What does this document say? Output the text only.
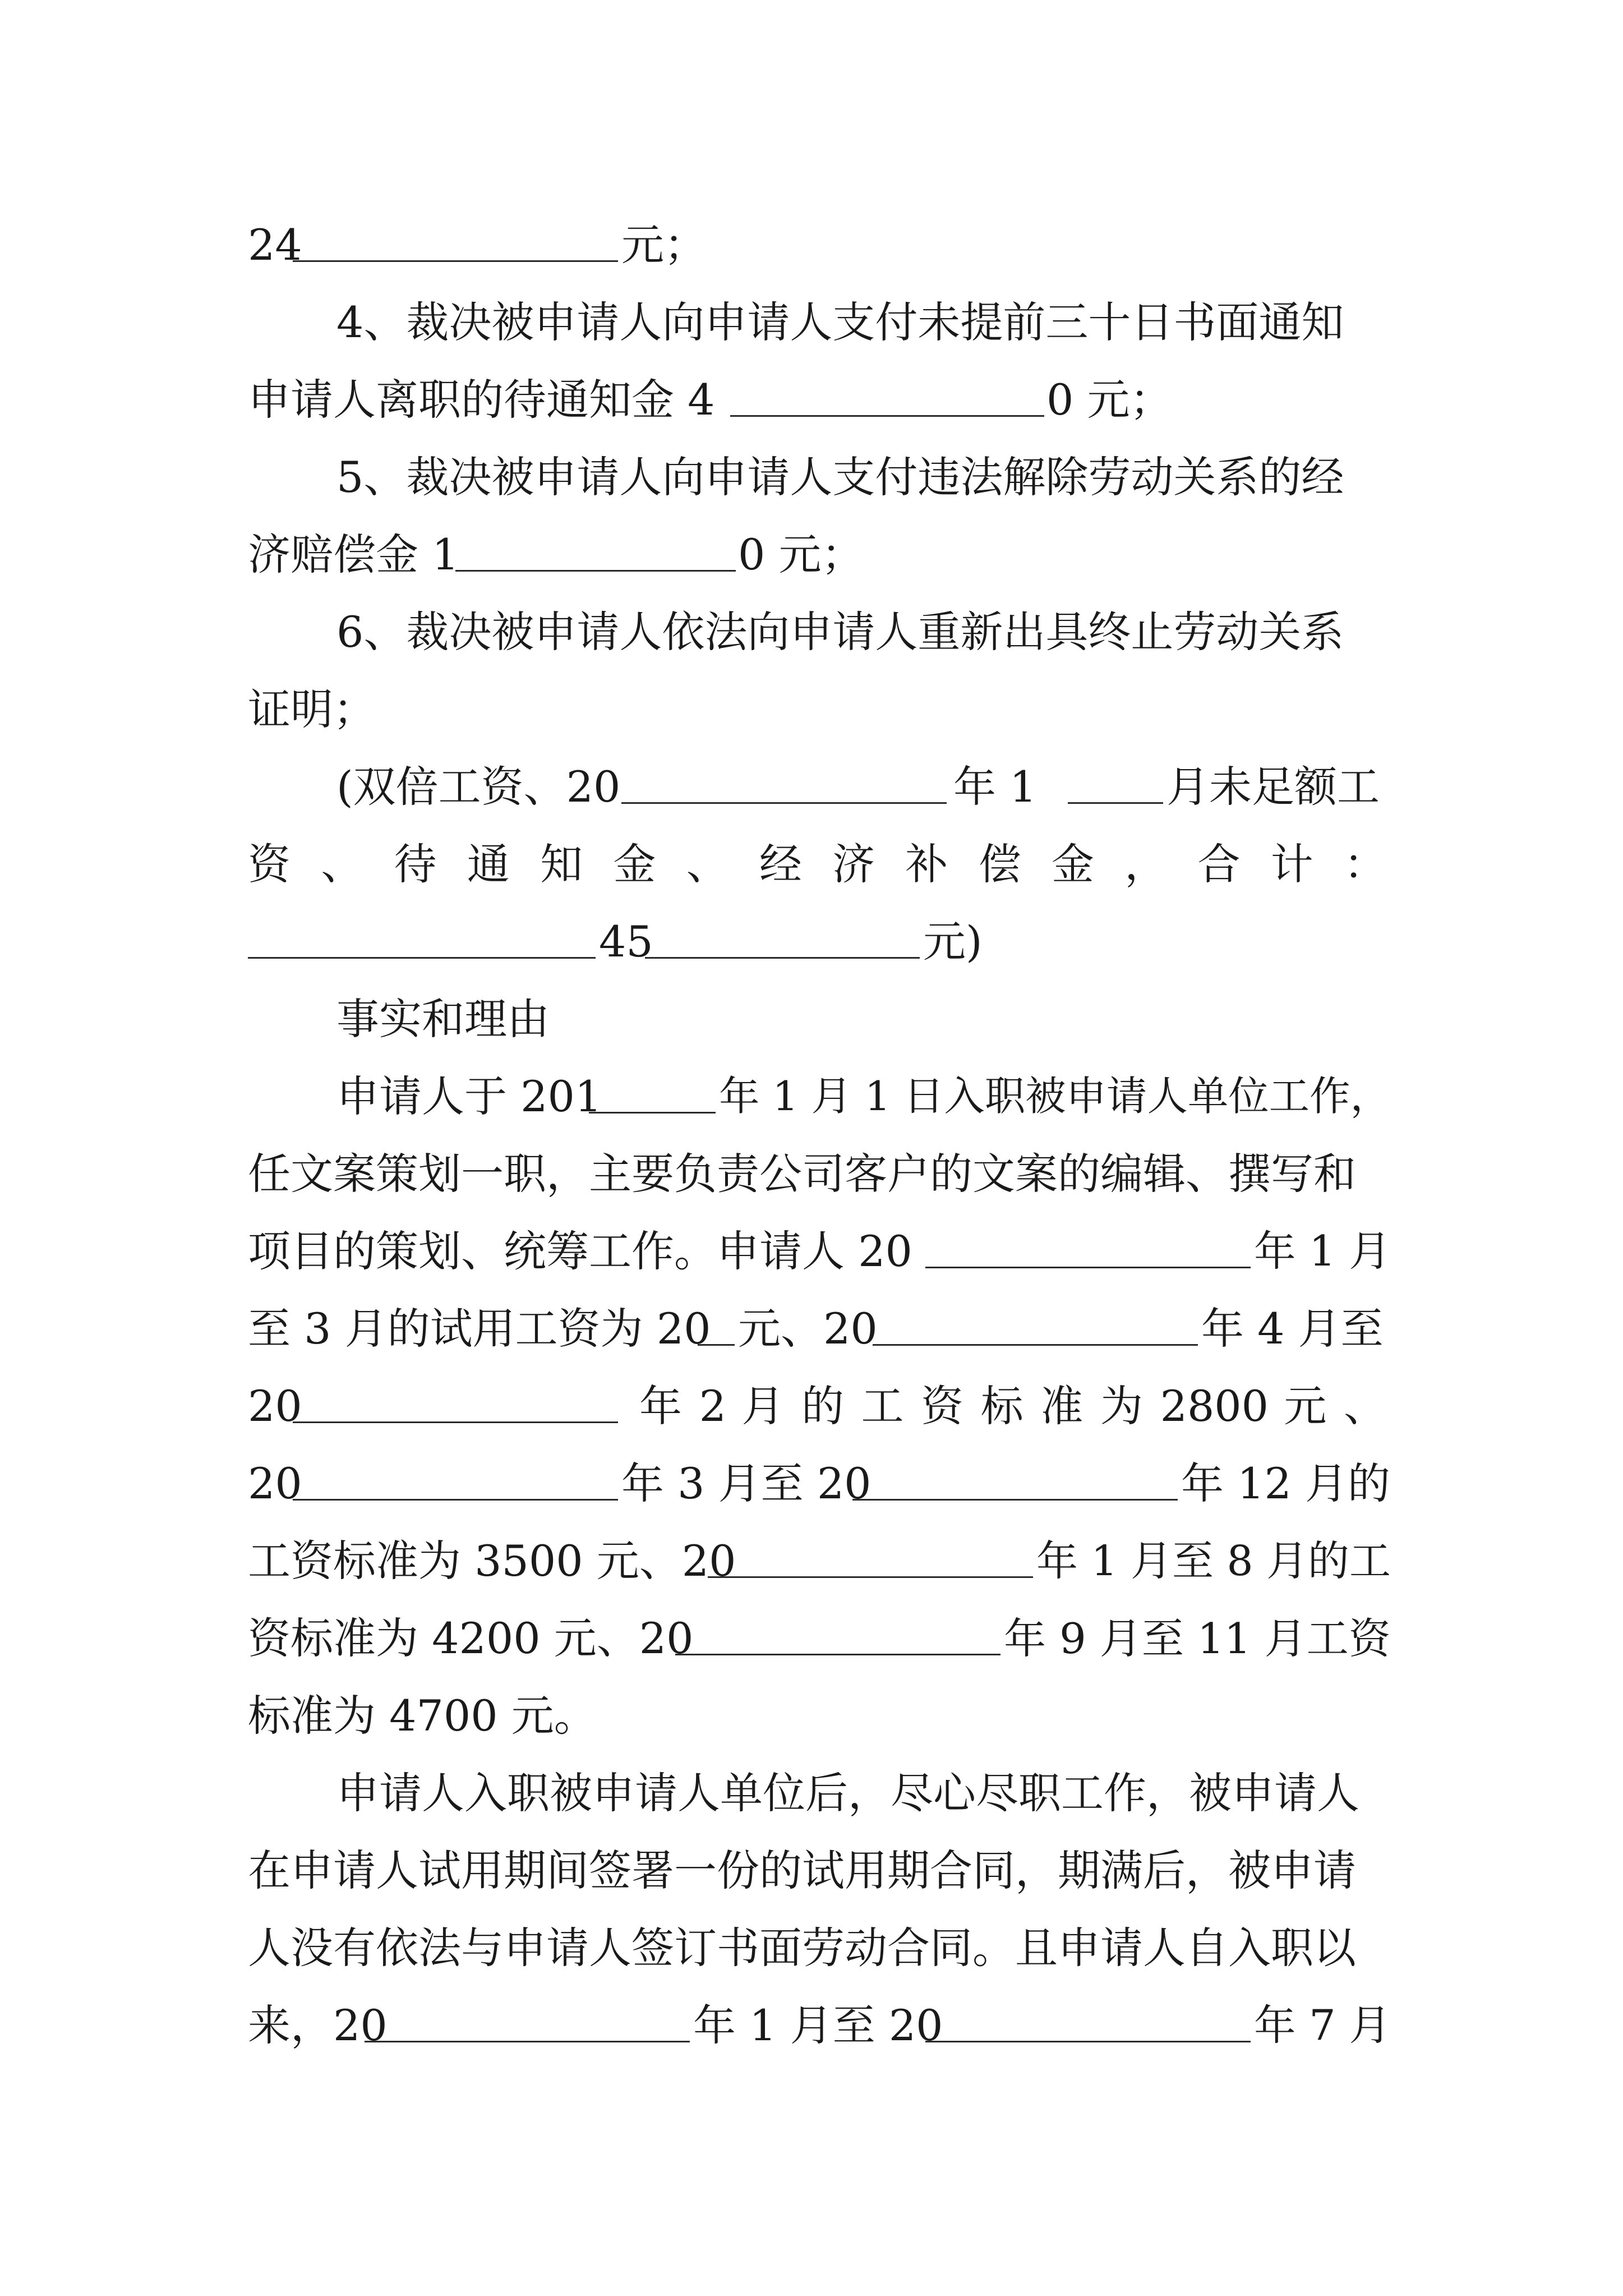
24	元；
4、裁决被申请人向申请人支付未提前三十日书面通知
申请人离职的待通知金 4	0 元；
5、裁决被申请人向申请人支付违法解除劳动关系的经
济赔偿金 1	0 元；
6、裁决被申请人依法向申请人重新出具终止劳动关系
证明；
(双倍工资、20	年 1	月未足额工
资 、 待 通 知 金 、 经 济 补 偿 金 ， 合 计 ：
45	元)
事实和理由
申请人于 201	年 1 月 1 日入职被申请人单位工作，
任文案策划一职，主要负责公司客户的文案的编辑、撰写和
项目的策划、统筹工作。申请人 20	年 1 月
至 3 月的试用工资为 20 元、20	年 4 月至
20	年 2 月 的 工 资 标 准 为 2800 元 、
20	年 3 月至 20	年 12 月的
工资标准为 3500 元、20	年 1 月至 8 月的工
资标准为 4200 元、20	年 9 月至 11 月工资
标准为 4700 元。
申请人入职被申请人单位后，尽心尽职工作，被申请人
在申请人试用期间签署一份的试用期合同，期满后，被申请
人没有依法与申请人签订书面劳动合同。且申请人自入职以
来，20	年 1 月至 20	年 7 月
